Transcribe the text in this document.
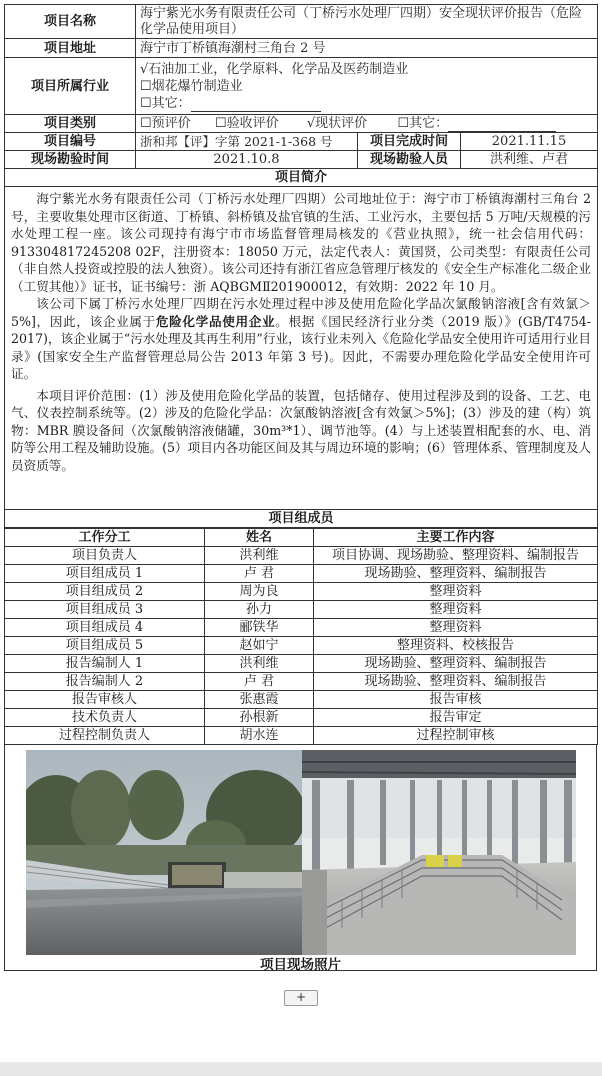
项目名称	海宁紫光水务有限责任公司（丁桥污水处理厂四期）安全现状评价报告（危险化学品使用项目）		
项目地址	海宁市丁桥镇海潮村三角台 2 号		
项目所属行业	√石油加工业，化学原料、化学品及医药制造业
☐烟花爆竹制造业
☐其它：		

项目类别	☐预评价 ☐验收评价 √现状评价 ☐其它：		
项目编号	浙和邦【评】字第 2021-1-368 号	项目完成时间	2021.11.15
现场勘验时间	2021.10.8	现场勘验人员	洪利维、卢君
项目简介			

海宁紫光水务有限责任公司（丁桥污水处理厂四期）公司地址位于：海宁市丁桥镇海潮村三角台 2 号，主要收集处理市区街道、丁桥镇、斜桥镇及盐官镇的生活、工业污水，主要包括 5 万吨/天规模的污水处理工程一座。该公司现持有海宁市市场监督管理局核发的《营业执照》，统一社会信用代码：913304817245208 02F，注册资本：18050 万元，法定代表人：黄国贤，公司类型：有限责任公司（非自然人投资或控股的法人独资）。该公司还持有浙江省应急管理厅核发的《安全生产标准化二级企业（工贸其他）》证书，证书编号：浙 AQBGMⅡ201900012，有效期：2022 年 10 月。

该公司下属丁桥污水处理厂四期在污水处理过程中涉及使用危险化学品次氯酸钠溶液[含有效氯＞5%]，因此，该企业属于危险化学品使用企业。根据《国民经济行业分类（2019 版）》(GB/T4754-2017)，该企业属于“污水处理及其再生利用”行业，该行业未列入《危险化学品安全使用许可适用行业目录》(国家安全生产监督管理总局公告 2013 年第 3 号)。因此，不需要办理危险化学品安全使用许可证。

本项目评价范围：(1）涉及使用危险化学品的装置，包括储存、使用过程涉及到的设备、工艺、电气、仪表控制系统等。(2）涉及的危险化学品：次氯酸钠溶液[含有效氯＞5%]；(3）涉及的建（构）筑物：MBR 膜设备间（次氯酸钠溶液储罐，30m³*1）、调节池等。(4）与上述装置相配套的水、电、消防等公用工程及辅助设施。(5）项目内各功能区间及其与周边环境的影响；(6）管理体系、管理制度及人员资质等。			

项目组成员			
工作分工	姓名	主要工作内容
项目负责人	洪利维	项目协调、现场勘验、整理资料、编制报告
项目组成员 1	卢 君	现场勘验、整理资料、编制报告
项目组成员 2	周为良	整理资料
项目组成员 3	孙力	整理资料
项目组成员 4	郦铁华	整理资料
项目组成员 5	赵如宁	整理资料、校核报告
报告编制人 1	洪利维	现场勘验、整理资料、编制报告
报告编制人 2	卢 君	现场勘验、整理资料、编制报告
报告审核人	张惠霞	报告审核
技术负责人	孙根新	报告审定
过程控制负责人	胡水连	过程控制审核
项目现场照片
+
